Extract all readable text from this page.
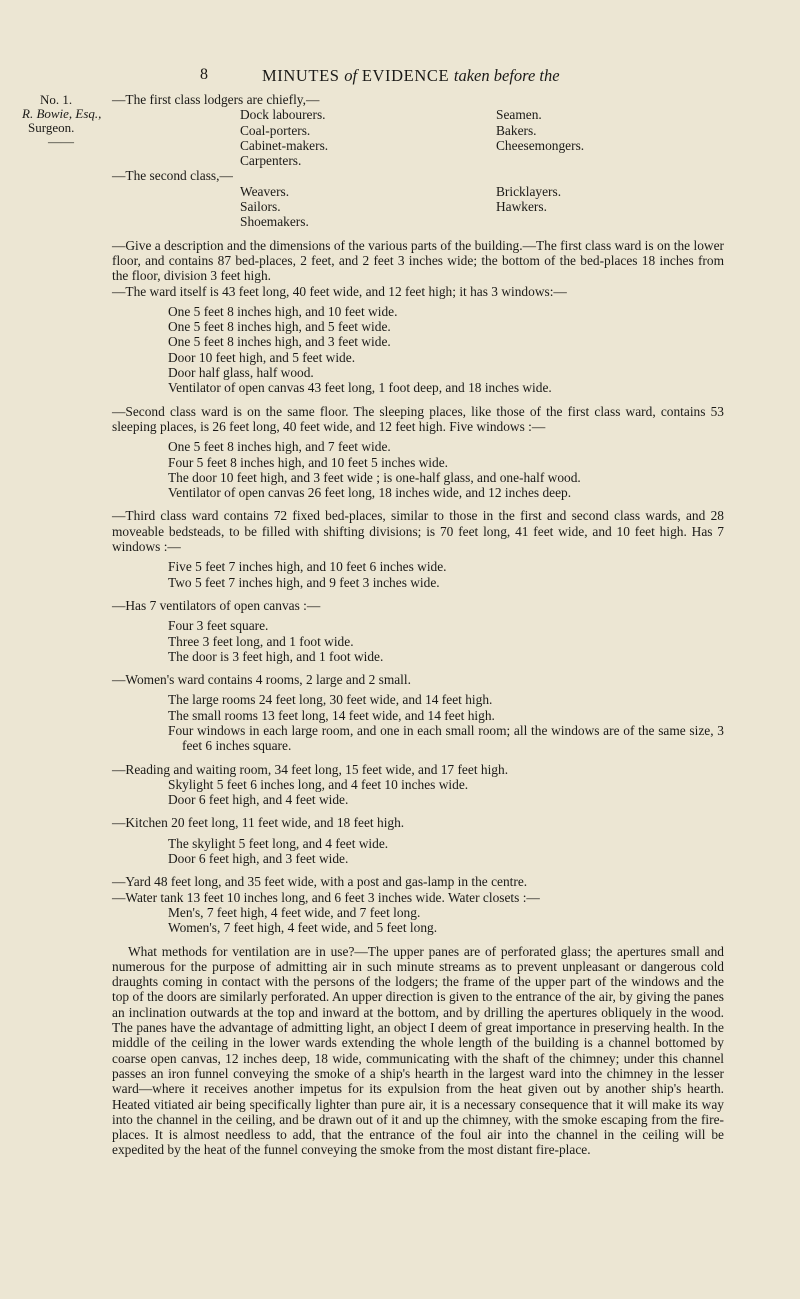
8	MINUTES of EVIDENCE taken before the
No. 1.
R. Bowie, Esq.,
Surgeon.
——
—The first class lodgers are chiefly,—
Dock labourers.	Seamen.
Coal-porters.	Bakers.
Cabinet-makers.	Cheesemongers.
Carpenters.
—The second class,—
Weavers.	Bricklayers.
Sailors.	Hawkers.
Shoemakers.

—Give a description and the dimensions of the various parts of the building.—The first class ward is on the lower floor, and contains 87 bed-places, 2 feet, and 2 feet 3 inches wide; the bottom of the bed-places 18 inches from the floor, division 3 feet high.

—The ward itself is 43 feet long, 40 feet wide, and 12 feet high; it has 3 windows:—

One 5 feet 8 inches high, and 10 feet wide.
One 5 feet 8 inches high, and 5 feet wide.
One 5 feet 8 inches high, and 3 feet wide.
Door 10 feet high, and 5 feet wide.
Door half glass, half wood.
Ventilator of open canvas 43 feet long, 1 foot deep, and 18 inches wide.

—Second class ward is on the same floor. The sleeping places, like those of the first class ward, contains 53 sleeping places, is 26 feet long, 40 feet wide, and 12 feet high. Five windows :—

One 5 feet 8 inches high, and 7 feet wide.
Four 5 feet 8 inches high, and 10 feet 5 inches wide.
The door 10 feet high, and 3 feet wide ; is one-half glass, and one-half wood.
Ventilator of open canvas 26 feet long, 18 inches wide, and 12 inches deep.

—Third class ward contains 72 fixed bed-places, similar to those in the first and second class wards, and 28 moveable bedsteads, to be filled with shifting divisions; is 70 feet long, 41 feet wide, and 10 feet high. Has 7 windows :—

Five 5 feet 7 inches high, and 10 feet 6 inches wide.
Two 5 feet 7 inches high, and 9 feet 3 inches wide.

—Has 7 ventilators of open canvas :—

Four 3 feet square.
Three 3 feet long, and 1 foot wide.
The door is 3 feet high, and 1 foot wide.

—Women's ward contains 4 rooms, 2 large and 2 small.

The large rooms 24 feet long, 30 feet wide, and 14 feet high.
The small rooms 13 feet long, 14 feet wide, and 14 feet high.
Four windows in each large room, and one in each small room; all the windows are of the same size, 3 feet 6 inches square.

—Reading and waiting room, 34 feet long, 15 feet wide, and 17 feet high.

Skylight 5 feet 6 inches long, and 4 feet 10 inches wide.
Door 6 feet high, and 4 feet wide.

—Kitchen 20 feet long, 11 feet wide, and 18 feet high.

The skylight 5 feet long, and 4 feet wide.
Door 6 feet high, and 3 feet wide.

—Yard 48 feet long, and 35 feet wide, with a post and gas-lamp in the centre.

—Water tank 13 feet 10 inches long, and 6 feet 3 inches wide. Water closets :—

Men's, 7 feet high, 4 feet wide, and 7 feet long.
Women's, 7 feet high, 4 feet wide, and 5 feet long.

What methods for ventilation are in use?—The upper panes are of perforated glass; the apertures small and numerous for the purpose of admitting air in such minute streams as to prevent unpleasant or dangerous cold draughts coming in contact with the persons of the lodgers; the frame of the upper part of the windows and the top of the doors are similarly perforated. An upper direction is given to the entrance of the air, by giving the panes an inclination outwards at the top and inward at the bottom, and by drilling the apertures obliquely in the wood. The panes have the advantage of admitting light, an object I deem of great importance in preserving health. In the middle of the ceiling in the lower wards extending the whole length of the building is a channel bottomed by coarse open canvas, 12 inches deep, 18 wide, communicating with the shaft of the chimney; under this channel passes an iron funnel conveying the smoke of a ship's hearth in the largest ward into the chimney in the lesser ward—where it receives another impetus for its expulsion from the heat given out by another ship's hearth. Heated vitiated air being specifically lighter than pure air, it is a necessary consequence that it will make its way into the channel in the ceiling, and be drawn out of it and up the chimney, with the smoke escaping from the fire-places. It is almost needless to add, that the entrance of the foul air into the channel in the ceiling will be expedited by the heat of the funnel conveying the smoke from the most distant fire-place.
